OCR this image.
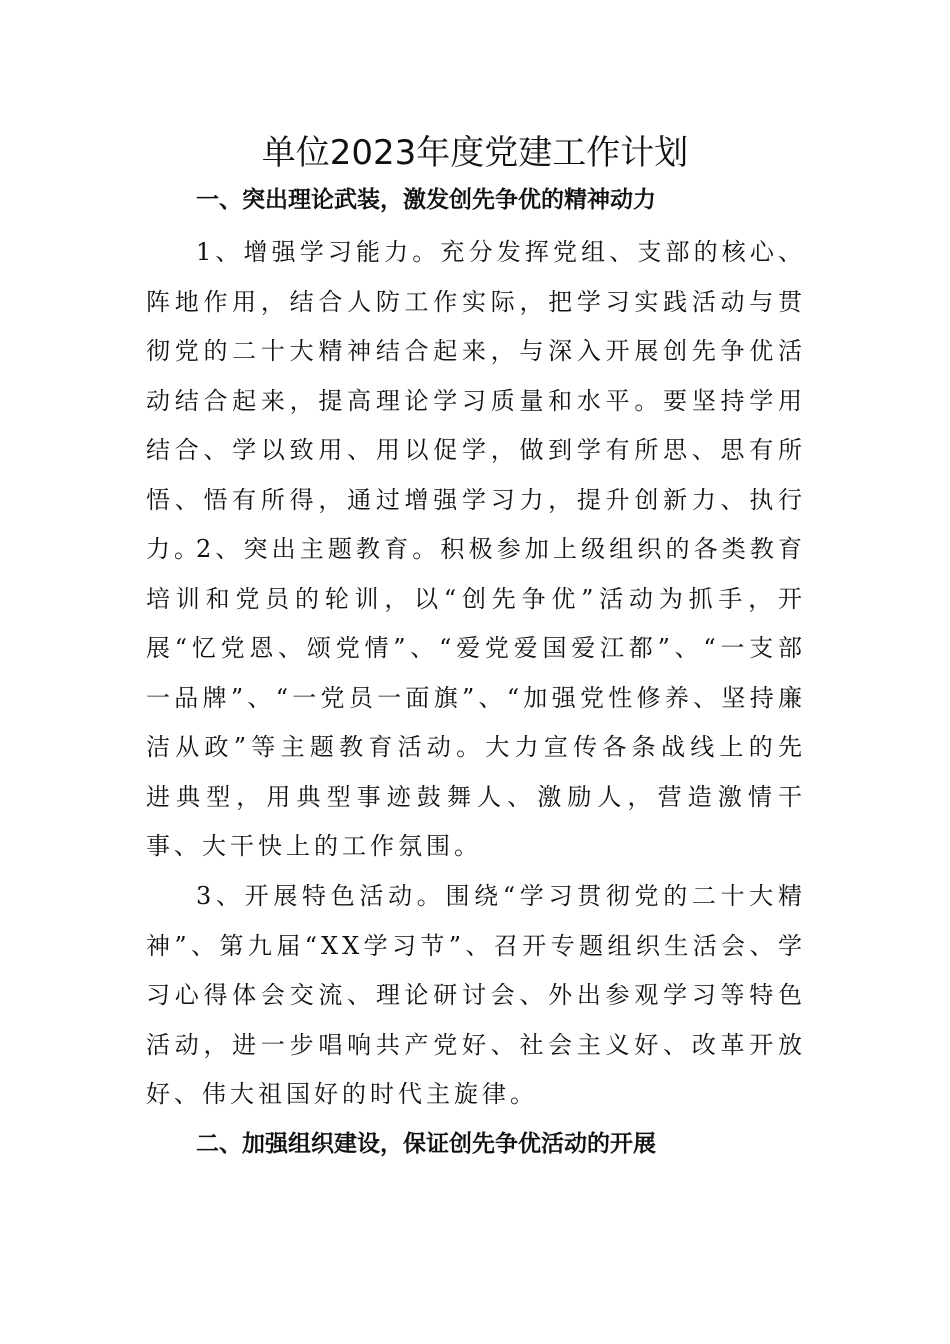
单位2023年度党建工作计划
一、突出理论武装，激发创先争优的精神动力

1、增强学习能力。充分发挥党组、支部的核心、阵地作用，结合人防工作实际，把学习实践活动与贯彻党的二十大精神结合起来，与深入开展创先争优活动结合起来，提高理论学习质量和水平。要坚持学用结合、学以致用、用以促学，做到学有所思、思有所悟、悟有所得，通过增强学习力，提升创新力、执行力。

2、突出主题教育。积极参加上级组织的各类教育培训和党员的轮训，以“创先争优”活动为抓手，开展“忆党恩、颂党情”、“爱党爱国爱江都”、“一支部一品牌”、“一党员一面旗”、“加强党性修养、坚持廉洁从政”等主题教育活动。大力宣传各条战线上的先进典型，用典型事迹鼓舞人、激励人，营造激情干事、大干快上的工作氛围。

3、开展特色活动。围绕“学习贯彻党的二十大精神”、第九届“XX学习节”、召开专题组织生活会、学习心得体会交流、理论研讨会、外出参观学习等特色活动，进一步唱响共产党好、社会主义好、改革开放好、伟大祖国好的时代主旋律。

二、加强组织建设，保证创先争优活动的开展
